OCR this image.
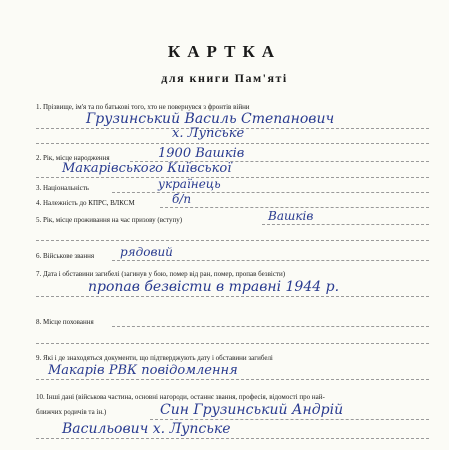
КАРТКА
для книги Пам'яті
1. Прізвище, ім'я та по батькові того, хто не повернувся з фронтів війни
Грузинський Василь Степанович
х. Лупське
2. Рік, місце народження	1900 Вашків
Макарівського Київської
3. Національність	українець
4. Належність до КПРС, ВЛКСМ	б/п
5. Рік, місце проживання на час призову (вступу)	Вашків
6. Військове звання рядовий
7. Дата і обставини загибелі (загинув у бою, помер від ран, помер, пропав безвісти)
пропав безвісти в травні 1944 р.
8. Місце поховання
9. Які і де знаходяться документи, що підтверджують дату і обставини загибелі
Макарів РВК повідомлення
10. Інші дані (військова частина, основні нагороди, останнє звання, професія, відомості про най-
ближчих родичів та ін.)	Син Грузинський Андрій
Васильович х. Лупське
